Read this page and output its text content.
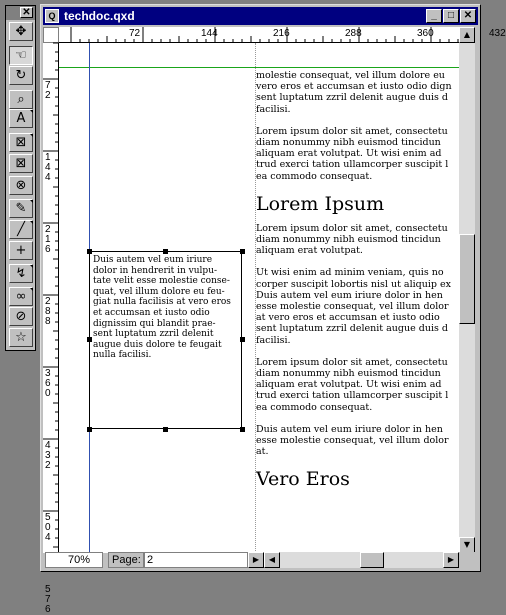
✕
✥
☜
↻
⌕
A
⊠
⊠
⊗
✎
╱
+
↯
∞
⊘
☆
Q techdoc.qxd	_	□ ✕
72	144	216	288	360	432
7
2
1
4
4
2
1
6
2
8
8
3
6
0
4
3
2
5
0
4
5
7
6

molestie consequat, vel illum dolore eu
vero eros et accumsan et iusto odio dign
sent luptatum zzril delenit augue duis d
facilisi.

Lorem ipsum dolor sit amet, consectetu
diam nonummy nibh euismod tincidun
aliquam erat volutpat. Ut wisi enim ad
trud exerci tation ullamcorper suscipit l
ea commodo consequat.

Lorem Ipsum

Lorem ipsum dolor sit amet, consectetu
diam nonummy nibh euismod tincidun
aliquam erat volutpat.

Ut wisi enim ad minim veniam, quis no
corper suscipit lobortis nisl ut aliquip ex
Duis autem vel eum iriure dolor in hen
esse molestie consequat, vel illum dolor
at vero eros et accumsan et iusto odio
sent luptatum zzril delenit augue duis d
facilisi.

Lorem ipsum dolor sit amet, consectetu
diam nonummy nibh euismod tincidun
aliquam erat volutpat. Ut wisi enim ad
trud exerci tation ullamcorper suscipit l
ea commodo consequat.

Duis autem vel eum iriure dolor in hen
esse molestie consequat, vel illum dolor
at.

Vero Eros
Duis autem vel eum iriure
dolor in hendrerit in vulpu-
tate velit esse molestie conse-
quat, vel illum dolore eu feu-
giat nulla facilisis at vero eros
et accumsan et iusto odio
dignissim qui blandit prae-
sent luptatum zzril delenit
augue duis dolore te feugait
nulla facilisi.
▲
▼
70%	Page: 2	▶	◀	▶
